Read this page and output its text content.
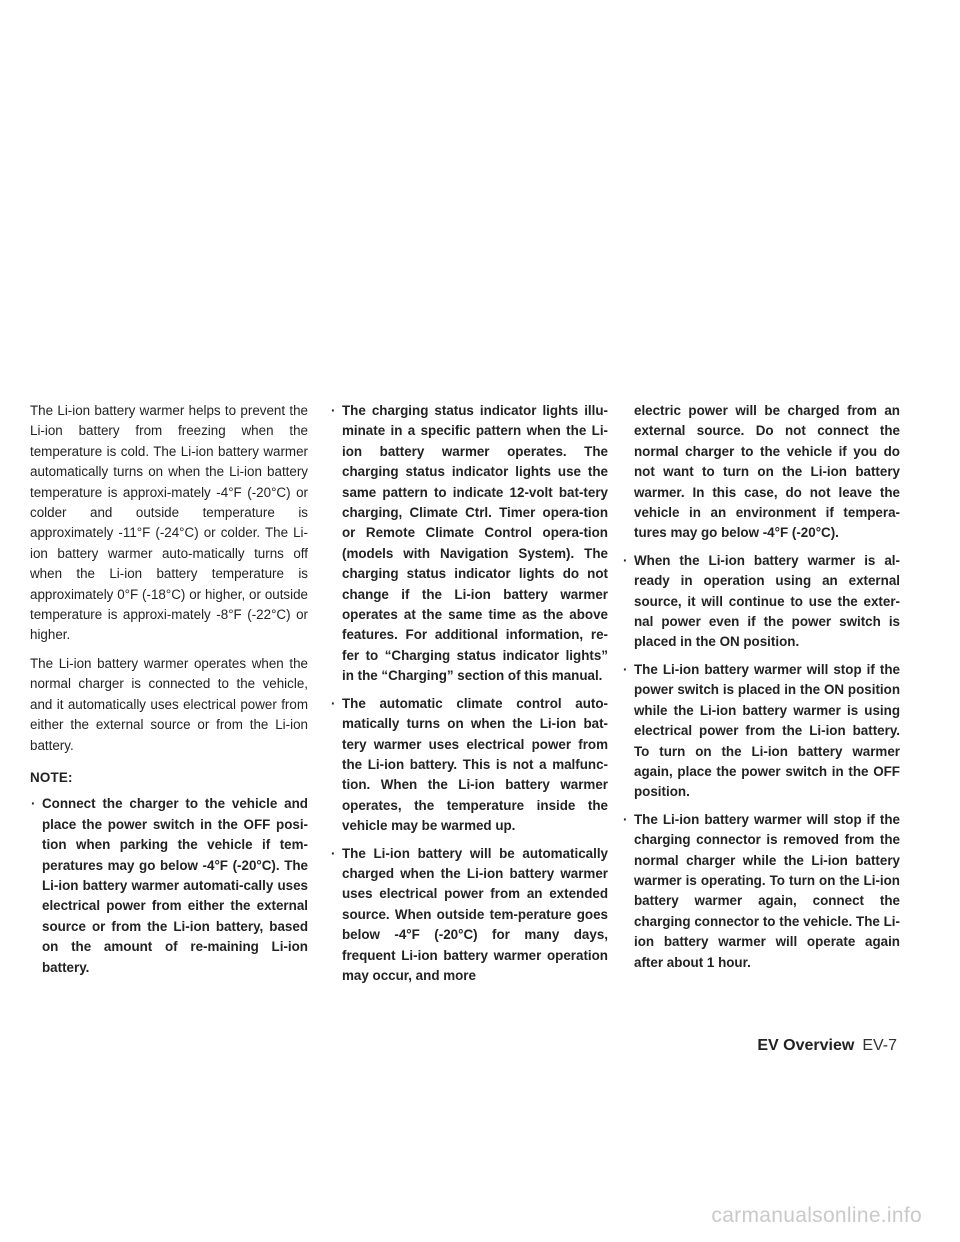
The Li-ion battery warmer helps to prevent the Li-ion battery from freezing when the temperature is cold. The Li-ion battery warmer automatically turns on when the Li-ion battery temperature is approxi-mately -4°F (-20°C) or colder and outside temperature is approximately -11°F (-24°C) or colder. The Li-ion battery warmer auto-matically turns off when the Li-ion battery temperature is approximately 0°F (-18°C) or higher, or outside temperature is approxi-mately -8°F (-22°C) or higher.

The Li-ion battery warmer operates when the normal charger is connected to the vehicle, and it automatically uses electrical power from either the external source or from the Li-ion battery.

NOTE:
· Connect the charger to the vehicle and place the power switch in the OFF posi-tion when parking the vehicle if tem-peratures may go below -4°F (-20°C). The Li-ion battery warmer automati-cally uses electrical power from either the external source or from the Li-ion battery, based on the amount of re-maining Li-ion battery.
· The charging status indicator lights illu-minate in a specific pattern when the Li-ion battery warmer operates. The charging status indicator lights use the same pattern to indicate 12-volt bat-tery charging, Climate Ctrl. Timer opera-tion or Remote Climate Control opera-tion (models with Navigation System). The charging status indicator lights do not change if the Li-ion battery warmer operates at the same time as the above features. For additional information, re-fer to “Charging status indicator lights” in the “Charging” section of this manual.
· The automatic climate control auto-matically turns on when the Li-ion bat-tery warmer uses electrical power from the Li-ion battery. This is not a malfunc-tion. When the Li-ion battery warmer operates, the temperature inside the vehicle may be warmed up.
· The Li-ion battery will be automatically charged when the Li-ion battery warmer uses electrical power from an extended source. When outside tem-perature goes below -4°F (-20°C) for many days, frequent Li-ion battery warmer operation may occur, and more
electric power will be charged from an external source. Do not connect the normal charger to the vehicle if you do not want to turn on the Li-ion battery warmer. In this case, do not leave the vehicle in an environment if tempera-tures may go below -4°F (-20°C).
· When the Li-ion battery warmer is al-ready in operation using an external source, it will continue to use the exter-nal power even if the power switch is placed in the ON position.
· The Li-ion battery warmer will stop if the power switch is placed in the ON position while the Li-ion battery warmer is using electrical power from the Li-ion battery. To turn on the Li-ion battery warmer again, place the power switch in the OFF position.
· The Li-ion battery warmer will stop if the charging connector is removed from the normal charger while the Li-ion battery warmer is operating. To turn on the Li-ion battery warmer again, connect the charging connector to the vehicle. The Li-ion battery warmer will operate again after about 1 hour.
EV Overview EV-7
carmanualsonline.info
